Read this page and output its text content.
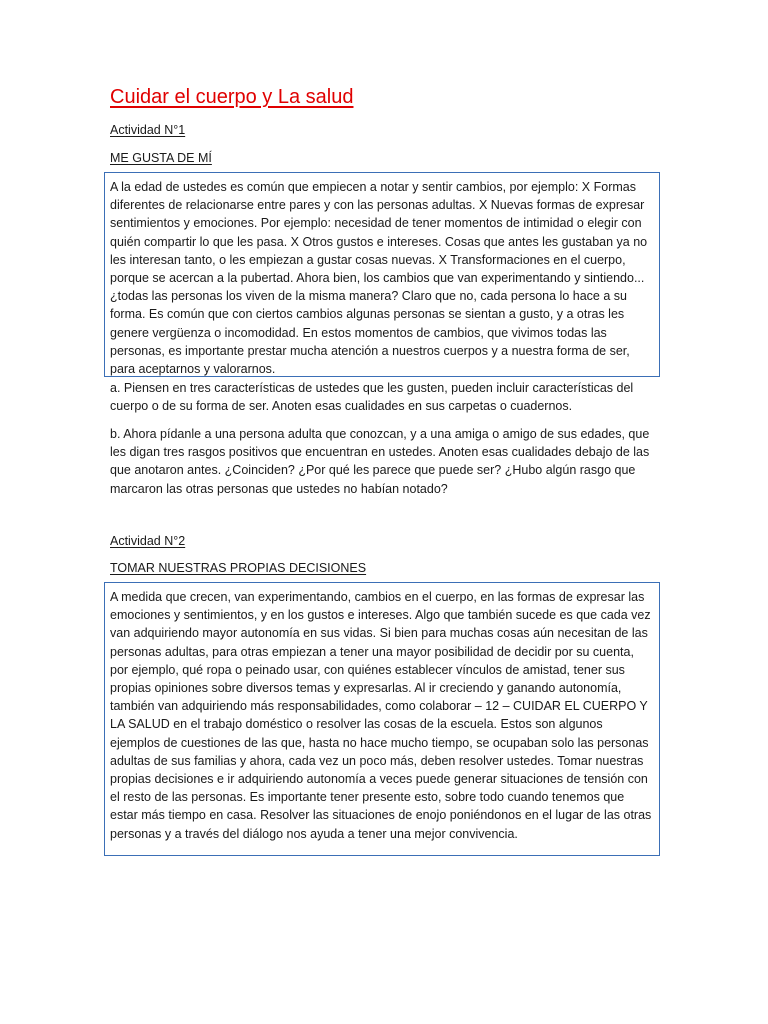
Cuidar el cuerpo y La salud

Actividad N°1

ME GUSTA DE MÍ

A la edad de ustedes es común que empiecen a notar y sentir cambios, por ejemplo: X Formas diferentes de relacionarse entre pares y con las personas adultas. X Nuevas formas de expresar sentimientos y emociones. Por ejemplo: necesidad de tener momentos de intimidad o elegir con quién compartir lo que les pasa. X Otros gustos e intereses. Cosas que antes les gustaban ya no les interesan tanto, o les empiezan a gustar cosas nuevas. X Transformaciones en el cuerpo, porque se acercan a la pubertad. Ahora bien, los cambios que van experimentando y sintiendo... ¿todas las personas los viven de la misma manera? Claro que no, cada persona lo hace a su forma. Es común que con ciertos cambios algunas personas se sientan a gusto, y a otras les genere vergüenza o incomodidad. En estos momentos de cambios, que vivimos todas las personas, es importante prestar mucha atención a nuestros cuerpos y a nuestra forma de ser, para aceptarnos y valorarnos.

a. Piensen en tres características de ustedes que les gusten, pueden incluir características del cuerpo o de su forma de ser. Anoten esas cualidades en sus carpetas o cuadernos.

b. Ahora pídanle a una persona adulta que conozcan, y a una amiga o amigo de sus edades, que les digan tres rasgos positivos que encuentran en ustedes. Anoten esas cualidades debajo de las que anotaron antes. ¿Coinciden? ¿Por qué les parece que puede ser? ¿Hubo algún rasgo que marcaron las otras personas que ustedes no habían notado?

Actividad N°2

TOMAR NUESTRAS PROPIAS DECISIONES

A medida que crecen, van experimentando, cambios en el cuerpo, en las formas de expresar las emociones y sentimientos, y en los gustos e intereses. Algo que también sucede es que cada vez van adquiriendo mayor autonomía en sus vidas. Si bien para muchas cosas aún necesitan de las personas adultas, para otras empiezan a tener una mayor posibilidad de decidir por su cuenta, por ejemplo, qué ropa o peinado usar, con quiénes establecer vínculos de amistad, tener sus propias opiniones sobre diversos temas y expresarlas. Al ir creciendo y ganando autonomía, también van adquiriendo más responsabilidades, como colaborar – 12 – CUIDAR EL CUERPO Y LA SALUD en el trabajo doméstico o resolver las cosas de la escuela. Estos son algunos ejemplos de cuestiones de las que, hasta no hace mucho tiempo, se ocupaban solo las personas adultas de sus familias y ahora, cada vez un poco más, deben resolver ustedes. Tomar nuestras propias decisiones e ir adquiriendo autonomía a veces puede generar situaciones de tensión con el resto de las personas. Es importante tener presente esto, sobre todo cuando tenemos que estar más tiempo en casa. Resolver las situaciones de enojo poniéndonos en el lugar de las otras personas y a través del diálogo nos ayuda a tener una mejor convivencia.
